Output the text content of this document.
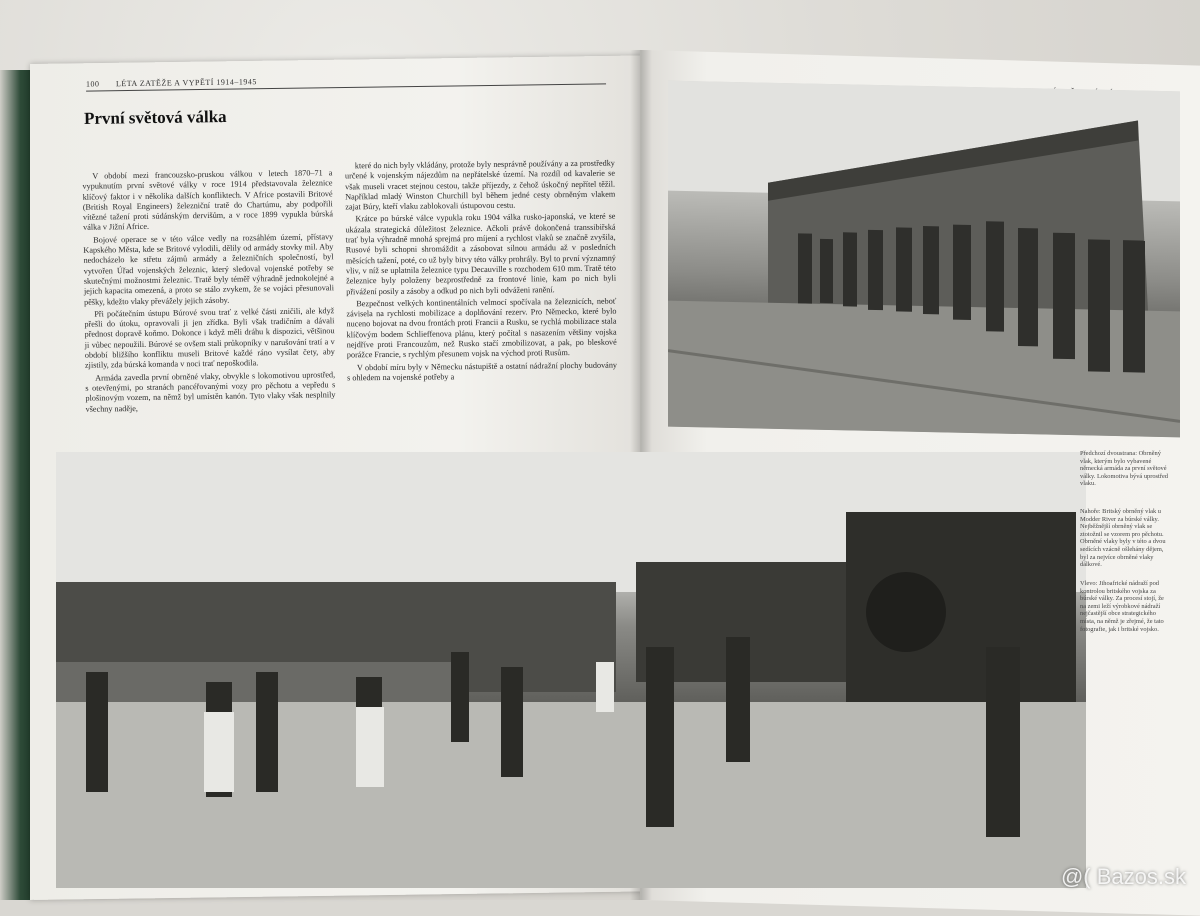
100 LÉTA ZATĚŽE A VYPĚTÍ 1914–1945
První světová válka

V období mezi francouzsko-pruskou válkou v letech 1870–71 a vypuknutím první světové války v roce 1914 představovala železnice klíčový faktor i v několika dalších konfliktech. V Africe postavili Britové (British Royal Engineers) železniční tratě do Chartúmu, aby podpořili vítězné tažení proti súdánským dervišům, a v roce 1899 vypukla búrská válka v Jižní Africe.

Bojové operace se v této válce vedly na rozsáhlém území, přístavy Kapského Města, kde se Britové vylodili, dělily od armády stovky mil. Aby nedocházelo ke střetu zájmů armády a železničních společností, byl vytvořen Úřad vojenských železnic, který sledoval vojenské potřeby se skutečnými možnostmi železnic. Tratě byly téměř výhradně jednokolejné a jejich kapacita omezená, a proto se stálo zvykem, že se vojáci přesunovali pěšky, kdežto vlaky převážely jejich zásoby.

Při počátečním ústupu Búrové svou trať z velké části zničili, ale když přešli do útoku, opravovali ji jen zřídka. Byli však tradičním a dávali přednost dopravě koňmo. Dokonce i když měli dráhu k dispozici, většinou ji vůbec nepoužili. Búrové se ovšem stali průkopníky v narušování tratí a v období bližšího konfliktu museli Britové každé ráno vysílat čety, aby zjistily, zda búrská komanda v noci trať nepoškodila.

Armáda zavedla první obrněné vlaky, obvykle s lokomotivou uprostřed, s otevřenými, po stranách pancéřovanými vozy pro pěchotu a vepředu s plošinovým vozem, na němž byl umístěn kanón. Tyto vlaky však nesplnily všechny naděje,

které do nich byly vkládány, protože byly nesprávně používány a za prostředky určené k vojenským nájezdům na nepřátelské území. Na rozdíl od kavalerie se však museli vracet stejnou cestou, takže příjezdy, z čehož úskočný nepřítel těžil. Například mladý Winston Churchill byl během jedné cesty obrněným vlakem zajat Búry, kteří vlaku zablokovali ústupovou cestu.

Krátce po búrské válce vypukla roku 1904 válka rusko-japonská, ve které se ukázala strategická důležitost železnice. Ačkoli právě dokončená transsibiřská trať byla výhradně mnohá sprejmá pro míjení a rychlost vlaků se značně zvyšila, Rusové byli schopni shromáždit a zásobovat silnou armádu až v posledních měsících tažení, poté, co už byly bitvy této války prohrály. Byl to první významný vliv, v níž se uplatnila železnice typu Decauville s rozchodem 610 mm. Tratě této železnice byly položeny bezprostředně za frontové linie, kam po nich byli přivážení posily a zásoby a odkud po nich byli odváženi ranění.

Bezpečnost velkých kontinentálních velmocí spočívala na železnicích, neboť závisela na rychlosti mobilizace a doplňování rezerv. Pro Německo, které bylo nuceno bojovat na dvou frontách proti Francii a Rusku, se rychlá mobilizace stala klíčovým bodem Schlieffenova plánu, který počítal s nasazením většiny vojska nejdříve proti Francouzům, než Rusko stačí zmobilizovat, a pak, po bleskové porážce Francie, s rychlým přesunem vojsk na východ proti Rusům.

V období míru byly v Německu nástupiště a ostatní nádražní plochy budovány s ohledem na vojenské potřeby a

Předchozí dvoustrana: Obrněný vlak, kterým bylo vybavené německá armáda za první světové války. Lokomotiva bývá uprostřed vlaku.
Nahoře: Britský obrněný vlak u Modder River za búrské války. Nejběžnější obrněný vlak se ztotožnil se vzorem pro pěchotu. Obrněné vlaky byly v této a dvou sedících vzácně ošlehány dějem, byl za nejvíce obrněné vlaky dálkové.
Vlevo: Jihoafrické nádraží pod kontrolou britského vojska za búrské války. Za procesí stojí, že na zemi leží výrobkové nádraží nejčastější obce strategického místa, na němž je zřejmé, že tato fotografie, jak i britské vojsko.
@( Bazos.sk
